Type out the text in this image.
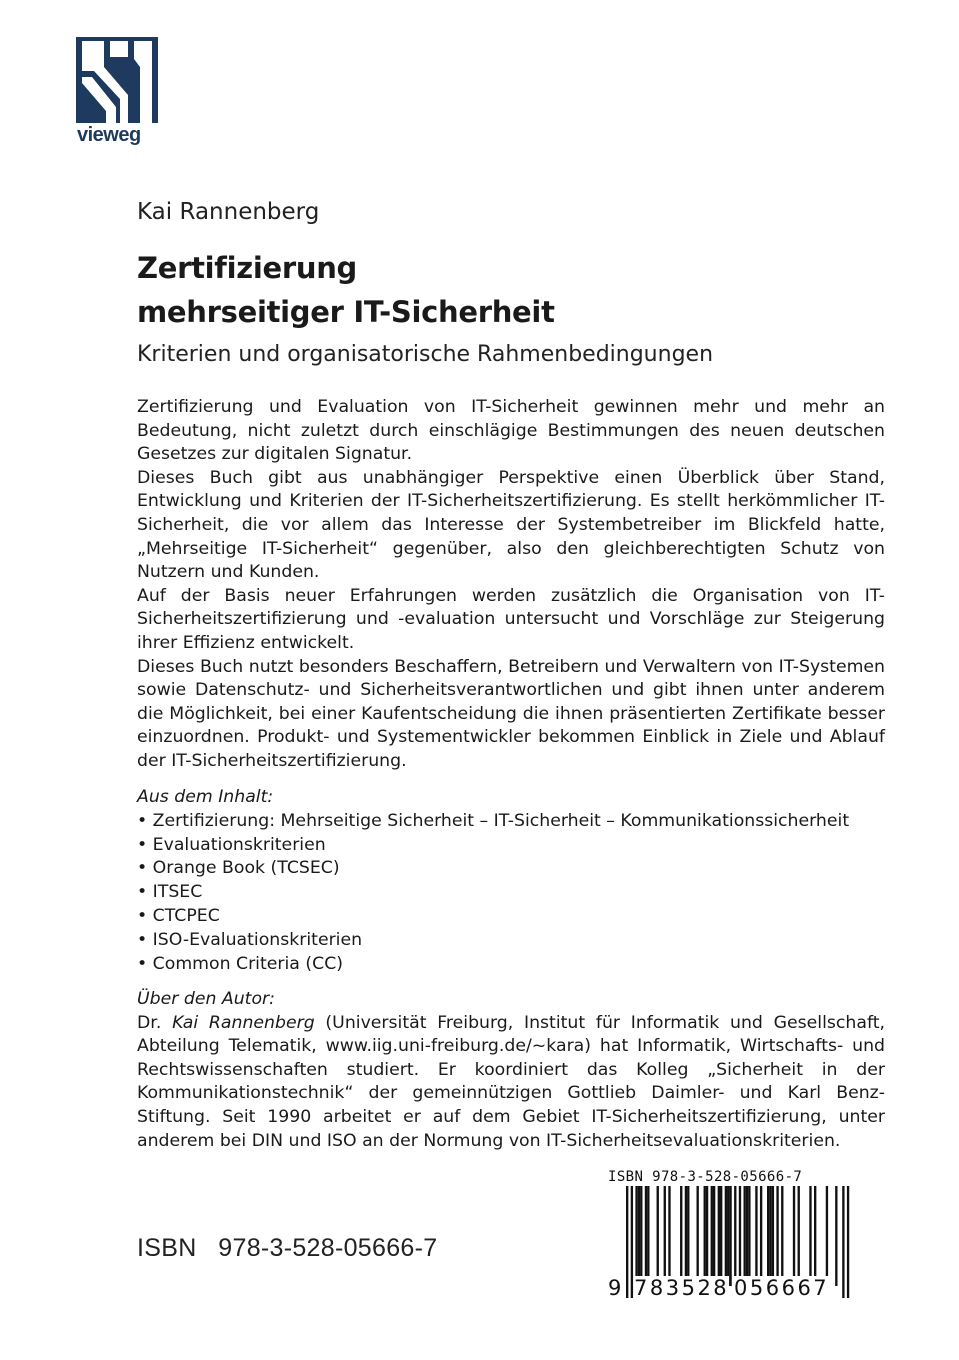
vieweg
Kai Rannenberg
Zertifizierung
mehrseitiger IT-Sicherheit
Kriterien und organisatorische Rahmenbedingungen

Zertifizierung und Evaluation von IT-Sicherheit gewinnen mehr und mehr an Bedeutung, nicht zuletzt durch einschlägige Bestimmungen des neuen deutschen Gesetzes zur digitalen Signatur.

Dieses Buch gibt aus unabhängiger Perspektive einen Überblick über Stand, Entwicklung und Kriterien der IT-Sicherheitszertifizierung. Es stellt herkömmlicher IT-Sicherheit, die vor allem das Interesse der Systembetreiber im Blickfeld hatte, „Mehrseitige IT-Sicherheit“ gegenüber, also den gleichberechtigten Schutz von Nutzern und Kunden.

Auf der Basis neuer Erfahrungen werden zusätzlich die Organisation von IT-Sicherheitszertifizierung und -evaluation untersucht und Vorschläge zur Steigerung ihrer Effizienz entwickelt.

Dieses Buch nutzt besonders Beschaffern, Betreibern und Verwaltern von IT-Systemen sowie Datenschutz- und Sicherheitsverantwortlichen und gibt ihnen unter anderem die Möglichkeit, bei einer Kaufentscheidung die ihnen präsentierten Zertifikate besser einzuordnen. Produkt- und Systementwickler bekommen Einblick in Ziele und Ablauf der IT-Sicherheitszertifizierung.

Aus dem Inhalt:
• Zertifizierung: Mehrseitige Sicherheit – IT-Sicherheit – Kommunikationssicherheit
• Evaluationskriterien
• Orange Book (TCSEC)
• ITSEC
• CTCPEC
• ISO-Evaluationskriterien
• Common Criteria (CC)
Über den Autor:

Dr. Kai Rannenberg (Universität Freiburg, Institut für Informatik und Gesellschaft, Abteilung Telematik, www.iig.uni-freiburg.de/~kara) hat Informatik, Wirtschafts- und Rechtswissenschaften studiert. Er koordiniert das Kolleg „Sicherheit in der Kommunikationstechnik“ der gemeinnützigen Gottlieb Daimler- und Karl Benz-Stiftung. Seit 1990 arbeitet er auf dem Gebiet IT-Sicherheitszertifizierung, unter anderem bei DIN und ISO an der Normung von IT-Sicherheitsevaluationskriterien.

ISBN   978-3-528-05666-7
ISBN 978-3-528-05666-7
9 783528 056667
